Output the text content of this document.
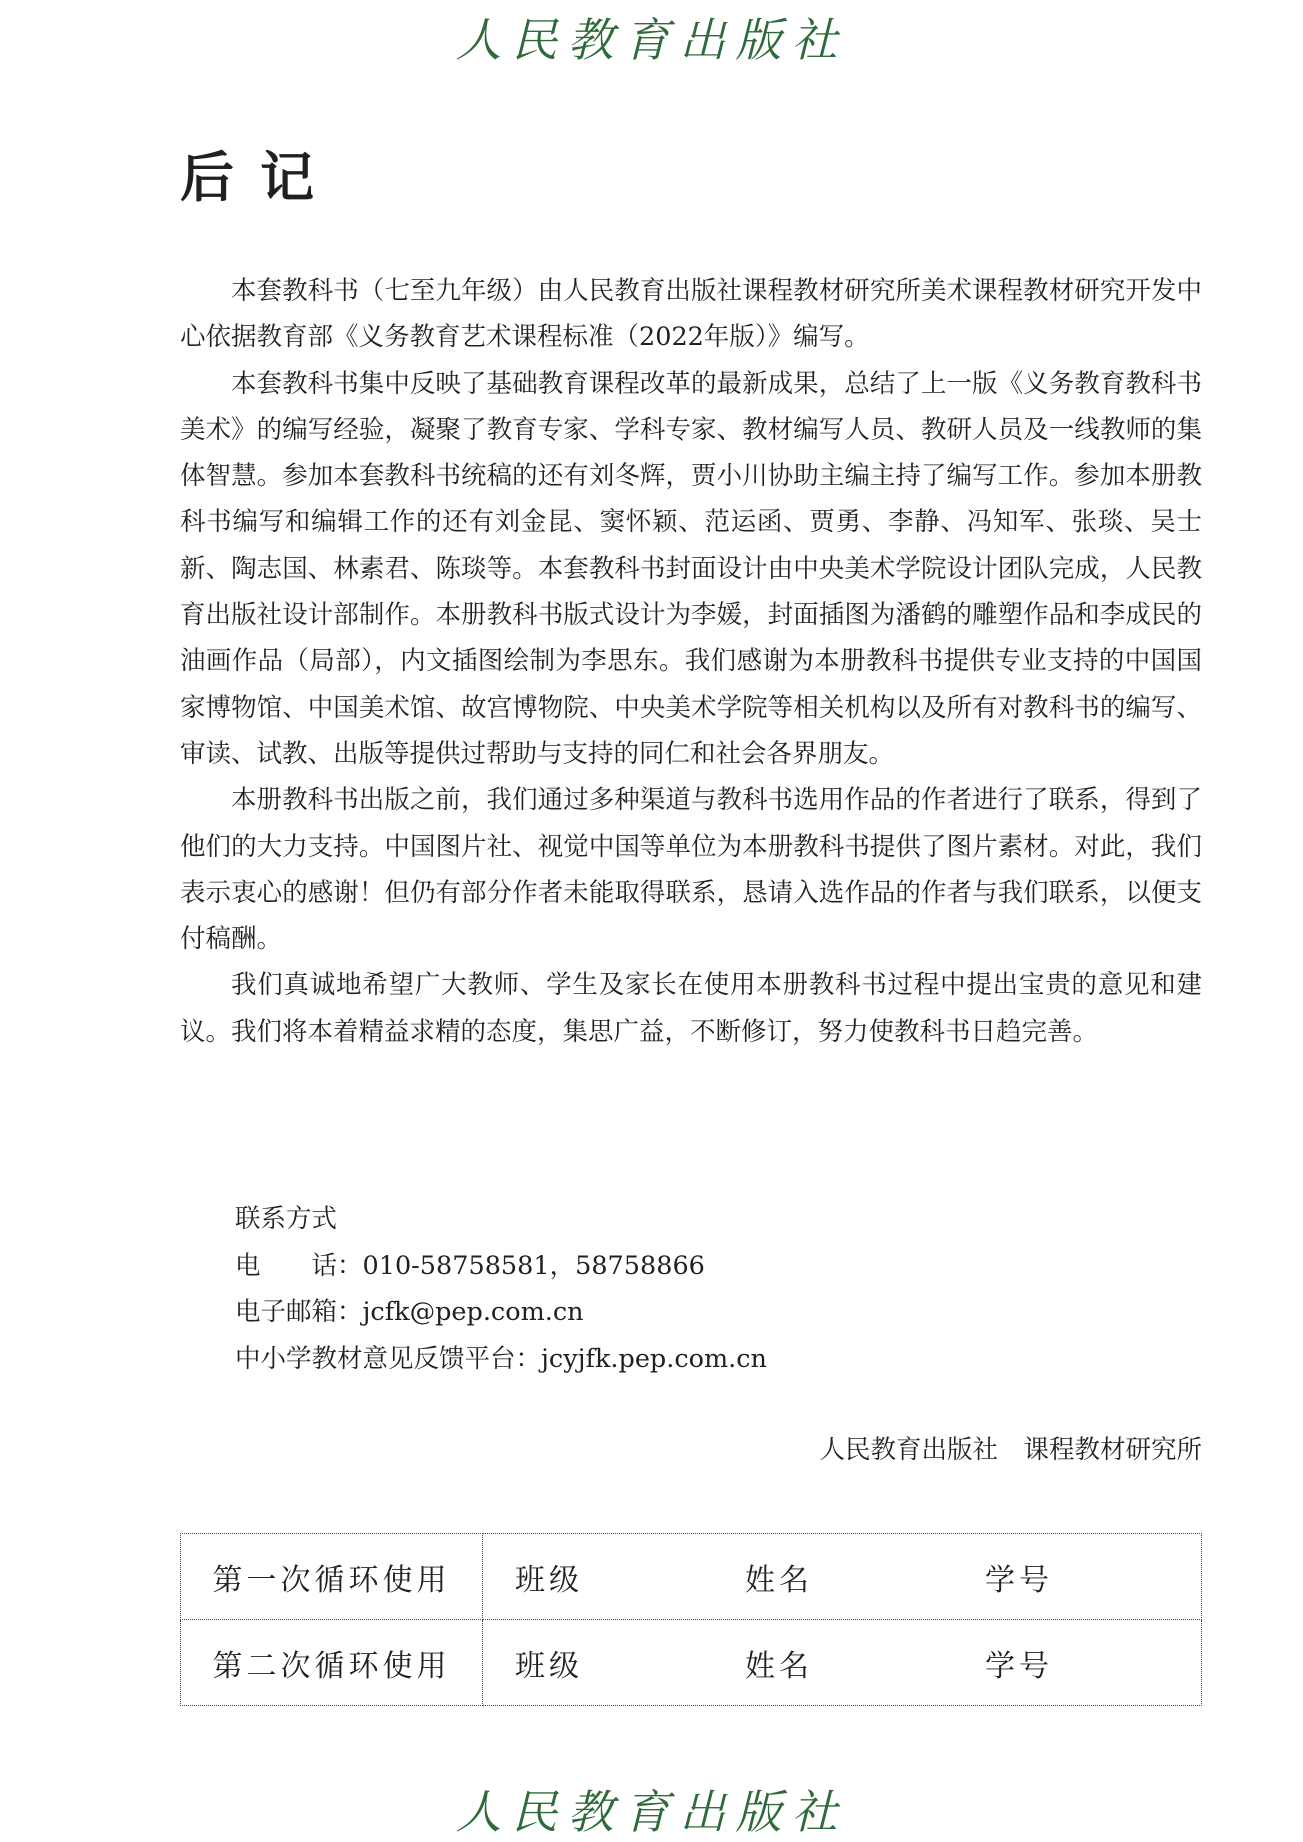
人民教育出版社
后记

本套教科书（七至九年级）由人民教育出版社课程教材研究所美术课程教材研究开发中心依据教育部《义务教育艺术课程标准（2022年版）》编写。

本套教科书集中反映了基础教育课程改革的最新成果，总结了上一版《义务教育教科书　美术》的编写经验，凝聚了教育专家、学科专家、教材编写人员、教研人员及一线教师的集体智慧。参加本套教科书统稿的还有刘冬辉，贾小川协助主编主持了编写工作。参加本册教科书编写和编辑工作的还有刘金昆、窦怀颖、范运函、贾勇、李静、冯知军、张琰、吴士新、陶志国、林素君、陈琰等。本套教科书封面设计由中央美术学院设计团队完成，人民教育出版社设计部制作。本册教科书版式设计为李媛，封面插图为潘鹤的雕塑作品和李成民的油画作品（局部），内文插图绘制为李思东。我们感谢为本册教科书提供专业支持的中国国家博物馆、中国美术馆、故宫博物院、中央美术学院等相关机构以及所有对教科书的编写、审读、试教、出版等提供过帮助与支持的同仁和社会各界朋友。

本册教科书出版之前，我们通过多种渠道与教科书选用作品的作者进行了联系，得到了他们的大力支持。中国图片社、视觉中国等单位为本册教科书提供了图片素材。对此，我们表示衷心的感谢！但仍有部分作者未能取得联系，恳请入选作品的作者与我们联系，以便支付稿酬。

我们真诚地希望广大教师、学生及家长在使用本册教科书过程中提出宝贵的意见和建议。我们将本着精益求精的态度，集思广益，不断修订，努力使教科书日趋完善。

联系方式
电　　话：010-58758581，58758866
电子邮箱：jcfk@pep.com.cn
中小学教材意见反馈平台：jcyjfk.pep.com.cn
人民教育出版社　课程教材研究所
第一次循环使用	班级 姓名 学号

第二次循环使用	班级 姓名 学号
人民教育出版社
